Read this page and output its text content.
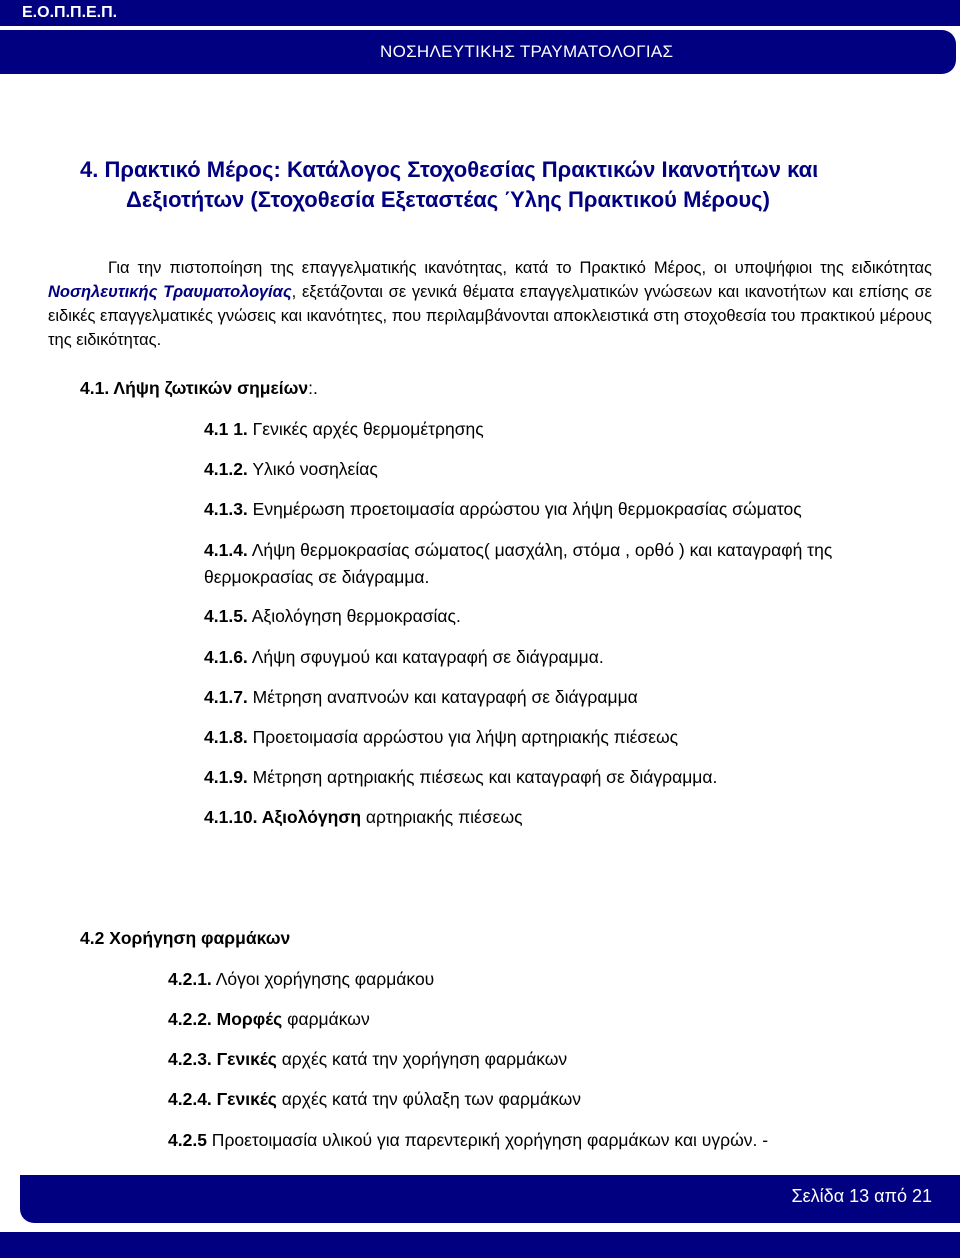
Ε.Ο.Π.Π.Ε.Π.
ΝΟΣΗΛΕΥΤΙΚΗΣ ΤΡΑΥΜΑΤΟΛΟΓΙΑΣ
4. Πρακτικό Μέρος: Κατάλογος Στοχοθεσίας Πρακτικών Ικανοτήτων και
Δεξιοτήτων (Στοχοθεσία Εξεταστέας Ύλης Πρακτικού Μέρους)
Για την πιστοποίηση της επαγγελματικής ικανότητας, κατά το Πρακτικό Μέρος, οι υποψήφιοι της ειδικότητας Νοσηλευτικής Τραυματολογίας, εξετάζονται σε γενικά θέματα επαγγελματικών γνώσεων και ικανοτήτων και επίσης σε ειδικές επαγγελματικές γνώσεις και ικανότητες, που περιλαμβάνονται αποκλειστικά στη στοχοθεσία του πρακτικού μέρους της ειδικότητας.
4.1. Λήψη ζωτικών σημείων:.
4.1 1. Γενικές αρχές θερμομέτρησης
4.1.2. Υλικό νοσηλείας
4.1.3. Ενημέρωση προετοιμασία αρρώστου για λήψη θερμοκρασίας σώματος
4.1.4. Λήψη θερμοκρασίας σώματος( μασχάλη, στόμα , ορθό ) και καταγραφή της θερμοκρασίας σε διάγραμμα.
4.1.5. Αξιολόγηση θερμοκρασίας.
4.1.6. Λήψη σφυγμού και καταγραφή σε διάγραμμα.
4.1.7. Μέτρηση αναπνοών και καταγραφή σε διάγραμμα
4.1.8. Προετοιμασία αρρώστου για λήψη αρτηριακής πιέσεως
4.1.9. Μέτρηση αρτηριακής πιέσεως και καταγραφή σε διάγραμμα.
4.1.10. Αξιολόγηση αρτηριακής πιέσεως
4.2 Χορήγηση φαρμάκων
4.2.1. Λόγοι χορήγησης φαρμάκου
4.2.2. Μορφές φαρμάκων
4.2.3. Γενικές αρχές κατά την χορήγηση φαρμάκων
4.2.4. Γενικές αρχές κατά την φύλαξη των φαρμάκων
4.2.5 Προετοιμασία υλικού για παρεντερική χορήγηση φαρμάκων και υγρών. -
Σελίδα 13 από 21
